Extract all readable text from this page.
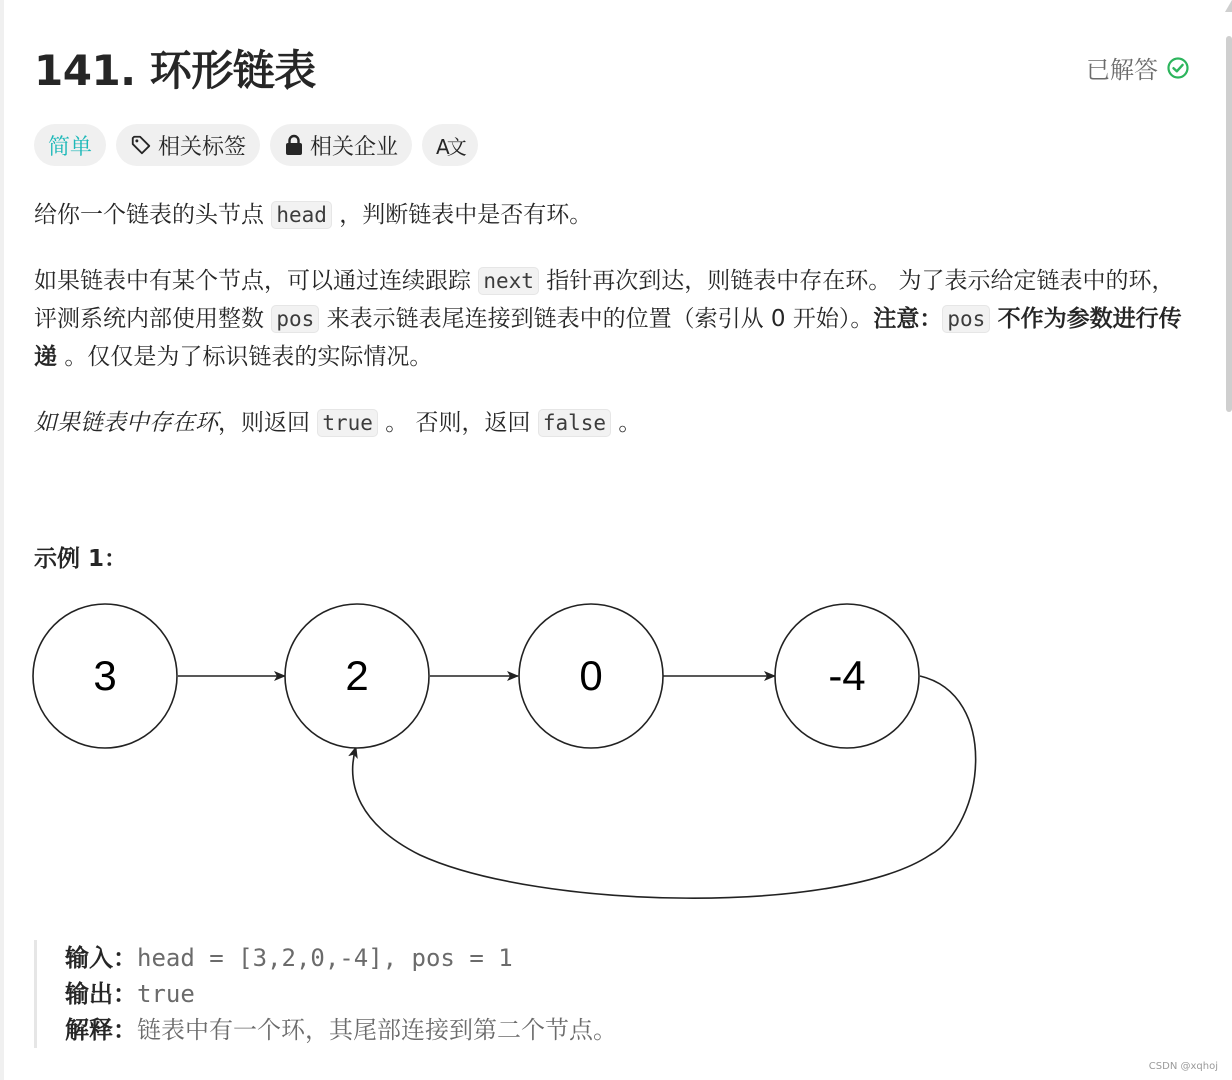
141. 环形链表	已解答
简单	相关标签	相关企业 A文
给你一个链表的头节点 head ，判断链表中是否有环。
如果链表中有某个节点，可以通过连续跟踪 next 指针再次到达，则链表中存在环。 为了表示给定链表中的环，评测系统内部使用整数 pos 来表示链表尾连接到链表中的位置（索引从 0 开始）。注意： pos 不作为参数进行传递 。仅仅是为了标识链表的实际情况。
如果链表中存在环，则返回 true 。 否则，返回 false 。
示例 1：
3	2	0	-4
输入：head = [3,2,0,-4], pos = 1
输出：true
解释：链表中有一个环，其尾部连接到第二个节点。
CSDN @xqhoj
